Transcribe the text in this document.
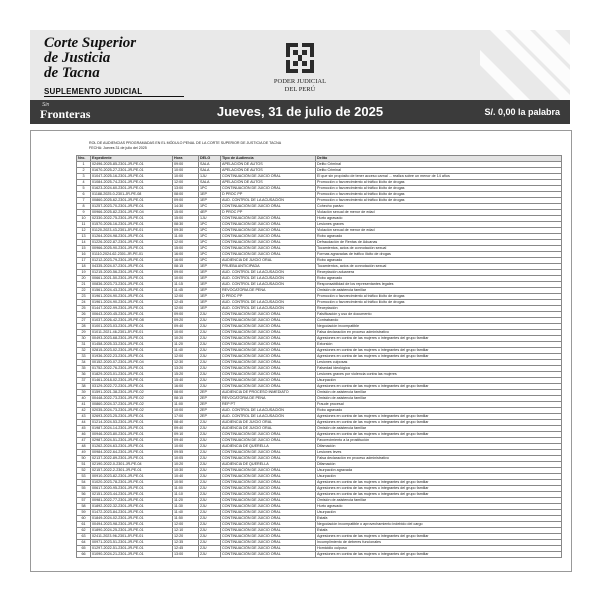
Corte Superior
de Justicia
de Tacna
SUPLEMENTO JUDICIAL
PODER JUDICIAL
DEL PERÚ
Sin
Fronteras	Jueves, 31 de julio de 2025	S/. 0,00 la palabra
ROL DE AUDIENCIAS PROGRAMADAS EN EL MÓDULO PENAL DE LA CORTE SUPERIOR DE JUSTICIA DE TACNA
FECHA: Jueves 31 de julio del 2025
Nro.	Expediente	Hora	DELG	Tipo de Audiencia	Delito
1	02496-2025-85-2301-JR-PE-01	09:00	SALA	APELACIÓN DE AUTOS	Delito Criminal
2	01670-2025-27-2301-JR-PE-01	10:00	SALA	APELACIÓN DE AUTOS	Delito Criminal
3	01047-2025-16-2301-JR-PE-01	10:00	1JU	CONTINUACIÓN DE JUICIO ORAL	El que sin propósito de tener acceso carnal ... realiza sobre un menor de 14 años
4	01084-2025-74-2301-JR-PE-01	12:00	SALA	APELACIÓN DE AUTOS	Promoción o favorecimiento al tráfico ilícito de drogas
5	01623-2024-60-2301-JR-PE-01	13:00	1PC	CONTINUACIÓN DE JUICIO ORAL	Promoción o favorecimiento al tráfico ilícito de drogas
6	01188-2025-0-2301-JR-PE-08	08:00	1EP	D PROC PP	Promoción o favorecimiento al tráfico ilícito de drogas
7	00860-2025-62-2301-JR-PE-01	09:00	1EP	AUD. CONTROL DE LA ACUSACIÓN	Promoción o favorecimiento al tráfico ilícito de drogas
8	01257-2023-70-2301-JR-PE-01	14:30	1PC	CONTINUACIÓN DE JUICIO ORAL	Cohecho pasivo
9	00966-2025-82-2301-JR-PE-04	15:00	4EP	D PROC PP	Violación sexual de menor de edad
10	02330-2022-75-2301-JR-PE-01	15:00	1JU	CONTINUACIÓN DE JUICIO ORAL	Hurto agravado
11	01570-2026-16-2301-JR-PE-01	08:30	1PC	CONTINUACIÓN DE JUICIO ORAL	Lesiones graves
12	01120-2023-43-2301-JR-PE-01	09:30	1PC	CONTINUACIÓN DE JUICIO ORAL	Violación sexual de menor de edad
13	01264-2024-98-2301-JR-PE-01	11:00	1PC	CONTINUACIÓN DE JUICIO ORAL	Robo agravado
14	01226-2022-87-2301-JR-PE-01	12:00	1PC	CONTINUACIÓN DE JUICIO ORAL	Defraudación de Rentas de Aduanas
15	00966-2025-90-2301-JR-PE-01	15:00	1PC	CONTINUACIÓN DE JUICIO ORAL	Tocamientos, actos de connotación sexual
16	01110-2024-62-2301-JR-PE-01	16:00	1PC	CONTINUACIÓN DE JUICIO ORAL	Formas agravadas de tráfico ilícito de drogas
17	01212-2023-79-2301-JR-PE-01	16:00	1PC	AUDIENCIA DE JUICIO ORAL	Robo agravado
18	04335-2024-07-2301-JR-PE-01	08:15	1EP	PRUEBA ANTICIPADA	Tocamientos, actos de connotación sexual
19	01215-2020-56-2301-JR-PE-01	09:00	1EP	AUD. CONTROL DE LA ACUSACIÓN	Receptación aduanera
20	00661-2021-50-2301-JR-PE-01	10:00	1EP	AUD. CONTROL DE LA ACUSACIÓN	Robo agravado
21	00836-2023-73-2301-JR-PE-01	11:15	1EP	AUD. CONTROL DE LA ACUSACIÓN	Responsabilidad de los representantes legales
22	01561-2024-43-2301-JR-PE-01	11:45	1EP	REVOCATORIA DE PENA	Omisión de asistencia familiar
23	01961-2024-90-2301-JR-PE-01	12:00	1EP	D PROC PP	Promoción o favorecimiento al tráfico ilícito de drogas
24	01961-2024-90-2301-JR-PE-01	12:45	1EP	AUD. CONTROL DE LA ACUSACIÓN	Promoción o favorecimiento al tráfico ilícito de drogas
25	01447-2022-99-2301-JR-PE-01	12:00	1EP	AUD. CONTROL DE LA ACUSACIÓN	Receptación
26	00643-2020-45-2301-JR-PE-01	09:00	2JU	CONTINUACIÓN DE JUICIO ORAL	Falsificación y uso de documento
27	01037-2026-42-2301-JR-PE-08	09:20	2JU	CONTINUACIÓN DE JUICIO ORAL	Contrabando
28	01001-2023-03-2301-JR-PE-01	09:40	2JU	CONTINUACIÓN DE JUICIO ORAL	Negociación incompatible
29	01011-2021-46-2301-JR-PE-01	10:00	2JU	CONTINUACIÓN DE JUICIO ORAL	Falsa declaración en proceso administrativo
30	00493-2023-68-2301-JR-PE-01	10:20	2JU	CONTINUACIÓN DE JUICIO ORAL	Agresiones en contra de las mujeres o integrantes del grupo familiar
31	01458-2025-33-2301-JR-PE-01	11:20	2JU	CONTINUACIÓN DE JUICIO ORAL	Extorsión
32	02815-2023-02-2301-JR-PE-01	11:40	2JU	CONTINUACIÓN DE JUICIO ORAL	Agresiones en contra de las mujeres o integrantes del grupo familiar
33	01936-2022-23-2301-JR-PE-01	12:00	2JU	CONTINUACIÓN DE JUICIO ORAL	Agresiones en contra de las mujeres o integrantes del grupo familiar
34	00152-2020-07-2301-JR-PE-04	12:30	2JU	CONTINUACIÓN DE JUICIO ORAL	Lesiones culposas
35	01752-2022-76-2301-JR-PE-01	13:20	2JU	CONTINUACIÓN DE JUICIO ORAL	Falsedad ideológica
36	01829-2023-01-2301-JR-PE-01	15:20	2JU	CONTINUACIÓN DE JUICIO ORAL	Lesiones graves por violencia contra las mujeres
37	01461-2018-02-2301-JR-PE-01	15:40	2JU	CONTINUACIÓN DE JUICIO ORAL	Usurpación
38	03129-2022-72-2301-JR-PE-01	16:00	2JU	CONTINUACIÓN DE JUICIO ORAL	Agresiones en contra de las mujeres o integrantes del grupo familiar
39	01591-2021-38-2301-JR-PE-02	08:00	2EP	AUDIENCIA DE PROCESO INMEDIATO	Omisión de asistencia familiar
40	00448-2022-73-2301-JR-PE-02	08:15	2EP	REVOCATORIA DE PENA	Omisión de asistencia familiar
41	00860-2024-37-2301-JR-PE-02	11:00	2EP	REP PT	Fraude procesal
42	02035-2024-73-2301-JR-PE-02	10:00	2EP	AUD. CONTROL DE LA ACUSACIÓN	Robo agravado
43	02693-2023-25-2301-JR-PE-01	17:00	2EP	AUD. CONTROL DE LA ACUSACIÓN	Agresiones en contra de las mujeres o integrantes del grupo familiar
44	01214-2024-53-2301-JR-PE-01	08:40	2JU	AUDIENCIA DE JUICIO ORAL	Agresiones en contra de las mujeres o integrantes del grupo familiar
45	01987-2024-14-2301-JR-PE-01	09:40	2JU	AUDIENCIA DE JUICIO ORAL	Omisión de asistencia familiar
46	00946-2023-80-2301-JR-PE-01	09:10	2JU	CONTINUACIÓN DE JUICIO ORAL	Agresiones en contra de las mujeres o integrantes del grupo familiar
47	02987-2024-51-2301-JR-PE-01	09:40	2JU	CONTINUACIÓN DE JUICIO ORAL	Favorecimiento a la prostitución
48	01262-2024-63-2301-JR-PE-01	10:00	2JU	AUDIENCIA DE QUERELLA	Difamación
49	00984-2022-64-2301-JR-PE-01	09:55	2JU	CONTINUACIÓN DE JUICIO ORAL	Lesiones leves
50	02137-2022-89-2301-JR-PE-01	10:05	2JU	CONTINUACIÓN DE JUICIO ORAL	Falsa declaración en proceso administrativo
51	02190-2022-0-2301-JR-PE-04	10:20	2JU	AUDIENCIA DE QUERELLA	Difamación
52	02157-2022-2-2301-JR-PE-01	10:30	2JU	CONTINUACIÓN DE JUICIO ORAL	Usurpación agravada
53	00910-2023-82-2301-JR-PE-01	10:40	2JU	CONTINUACIÓN DE JUICIO ORAL	Usurpación
54	01020-2023-78-2301-JR-PE-01	10:50	2JU	CONTINUACIÓN DE JUICIO ORAL	Agresiones en contra de las mujeres o integrantes del grupo familiar
55	00617-2020-95-2301-JR-PE-01	11:00	2JU	CONTINUACIÓN DE JUICIO ORAL	Agresiones en contra de las mujeres o integrantes del grupo familiar
56	02151-2023-44-2301-JR-PE-01	11:10	2JU	CONTINUACIÓN DE JUICIO ORAL	Agresiones en contra de las mujeres o integrantes del grupo familiar
57	00981-2022-77-2301-JR-PE-01	11:20	2JU	CONTINUACIÓN DE JUICIO ORAL	Omisión de asistencia familiar
58	01892-2022-32-2301-JR-PE-01	11:30	2JU	CONTINUACIÓN DE JUICIO ORAL	Hurto agravado
59	01472-2023-84-2301-JR-PE-01	11:40	2JU	CONTINUACIÓN DE JUICIO ORAL	Usurpación
60	01849-2024-02-2301-JR-PE-01	11:50	2JU	CONTINUACIÓN DE JUICIO ORAL	Estafa
61	00494-2023-98-2301-JR-PE-01	12:00	2JU	CONTINUACIÓN DE JUICIO ORAL	Negociación incompatible o aprovechamiento indebido del cargo
62	01890-2024-25-2301-JR-PE-01	12:10	2JU	CONTINUACIÓN DE JUICIO ORAL	Estafa
63	02411-2023-96-2301-JR-PE-01	12:20	2JU	CONTINUACIÓN DE JUICIO ORAL	Agresiones en contra de las mujeres o integrantes del grupo familiar
64	00971-2023-51-2301-JR-PE-01	12:35	2JU	CONTINUACIÓN DE JUICIO ORAL	Incumplimiento de deberes funcionales
65	01297-2022-51-2301-JR-PE-01	12:45	2JU	CONTINUACIÓN DE JUICIO ORAL	Homicidio culposo
66	01090-2024-21-2301-JR-PE-01	13:00	2JU	CONTINUACIÓN DE JUICIO ORAL	Agresiones en contra de las mujeres o integrantes del grupo familiar
